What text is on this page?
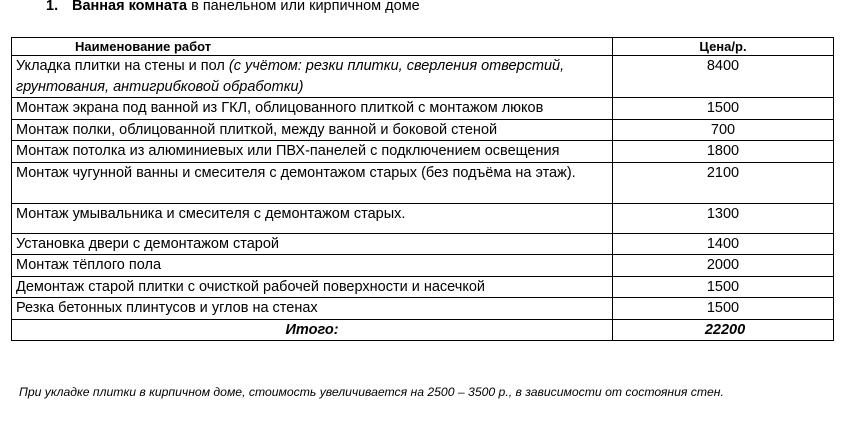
1. Ванная комната в панельном или кирпичном доме
Наименование работ	Цена/р.
Укладка плитки на стены и пол (с учётом: резки плитки, сверления отверстий, грунтования, антигрибковой обработки)	8400
Монтаж экрана под ванной из ГКЛ, облицованного плиткой с монтажом люков	1500
Монтаж полки, облицованной плиткой, между ванной и боковой стеной	700
Монтаж потолка из алюминиевых или ПВХ-панелей с подключением освещения	1800
Монтаж чугунной ванны и смесителя с демонтажом старых (без подъёма на этаж).	2100
Монтаж умывальника и смесителя с демонтажом старых.	1300
Установка двери с демонтажом старой	1400
Монтаж тёплого пола	2000
Демонтаж старой плитки с очисткой рабочей поверхности и насечкой	1500
Резка бетонных плинтусов и углов на стенах	1500
Итого:	22200
При укладке плитки в кирпичном доме, стоимость увеличивается на 2500 – 3500 р., в зависимости от состояния стен.
